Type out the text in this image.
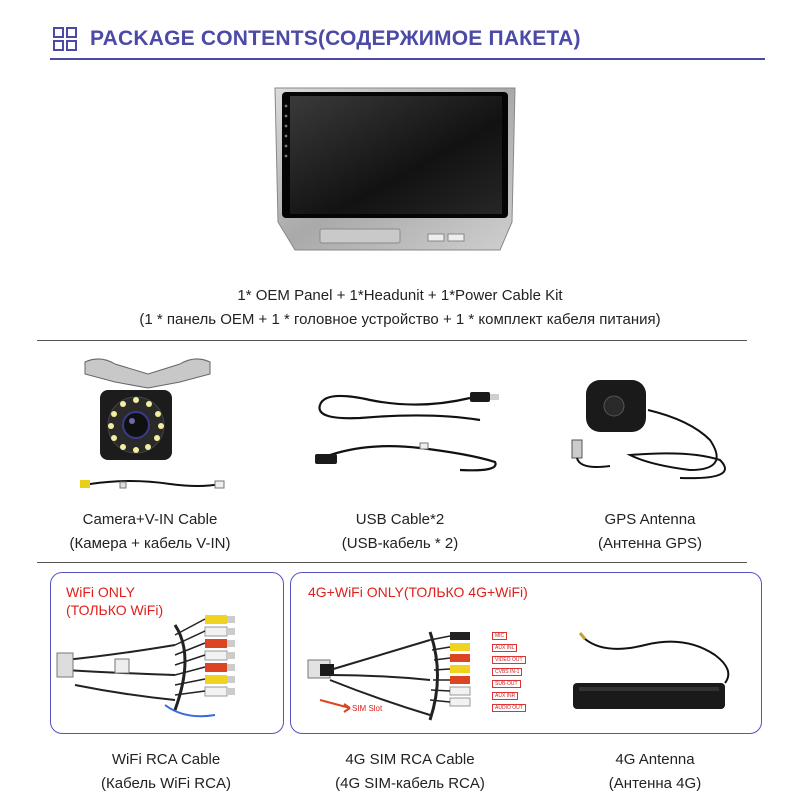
PACKAGE CONTENTS(СОДЕРЖИМОЕ ПАКЕТА)
1* OEM Panel + 1*Headunit + 1*Power Cable Kit
(1 * панель OEM + 1 * головное устройство + 1 * комплект кабеля питания)
Camera+V-IN Cable
(Камера + кабель V-IN)
USB Cable*2
(USB-кабель * 2)
GPS Antenna
(Антенна GPS)
WiFi ONLY
(ТОЛЬКО WiFi)
4G+WiFi ONLY(ТОЛЬКО 4G+WiFi)
SIM Slot
MIC
AUX INL
VIDEO OUT
CVBS IN-1
SUB-OUT
AUX INR
AUDIO OUT
WiFi RCA Cable
(Кабель WiFi RCA)
4G SIM RCA Cable
(4G SIM-кабель RCA)
4G Antenna
(Антенна 4G)
